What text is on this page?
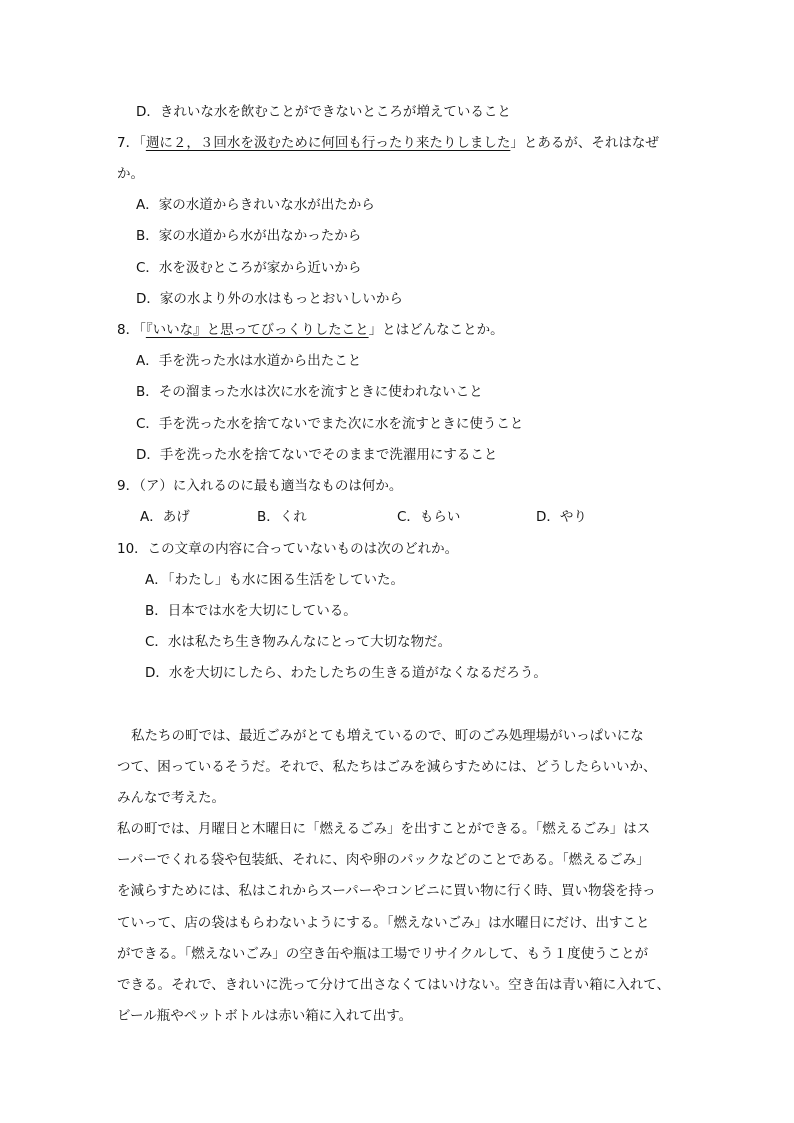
D．きれいな水を飲むことができないところが増えていること
7．「週に２，３回水を汲むために何回も行ったり来たりしました」とあるが、それはなぜ
か。
A．家の水道からきれいな水が出たから
B．家の水道から水が出なかったから
C．水を汲むところが家から近いから
D．家の水より外の水はもっとおいしいから
8．「『いいな』と思ってびっくりしたこと」とはどんなことか。
A．手を洗った水は水道から出たこと
B．その溜まった水は次に水を流すときに使われないこと
C．手を洗った水を捨てないでまた次に水を流すときに使うこと
D．手を洗った水を捨てないでそのままで洗濯用にすること
9．（ア）に入れるのに最も適当なものは何か。
A．あげ	B．くれ	C．もらい	D．やり
10．この文章の内容に合っていないものは次のどれか。
A．「わたし」も水に困る生活をしていた。
B．日本では水を大切にしている。
C．水は私たち生き物みんなにとって大切な物だ。
D．水を大切にしたら、わたしたちの生きる道がなくなるだろう。
私たちの町では、最近ごみがとても増えているので、町のごみ処理場がいっぱいにな
つて、困っているそうだ。それで、私たちはごみを減らすためには、どうしたらいいか、
みんなで考えた。
私の町では、月曜日と木曜日に「燃えるごみ」を出すことができる。「燃えるごみ」はス
ーパーでくれる袋や包装紙、それに、肉や卵のパックなどのことである。「燃えるごみ」
を減らすためには、私はこれからスーパーやコンビニに買い物に行く時、買い物袋を持っ
ていって、店の袋はもらわないようにする。「燃えないごみ」は水曜日にだけ、出すこと
ができる。「燃えないごみ」の空き缶や瓶は工場でリサイクルして、もう１度使うことが
できる。それで、きれいに洗って分けて出さなくてはいけない。空き缶は青い箱に入れて、
ビール瓶やペットボトルは赤い箱に入れて出す。
